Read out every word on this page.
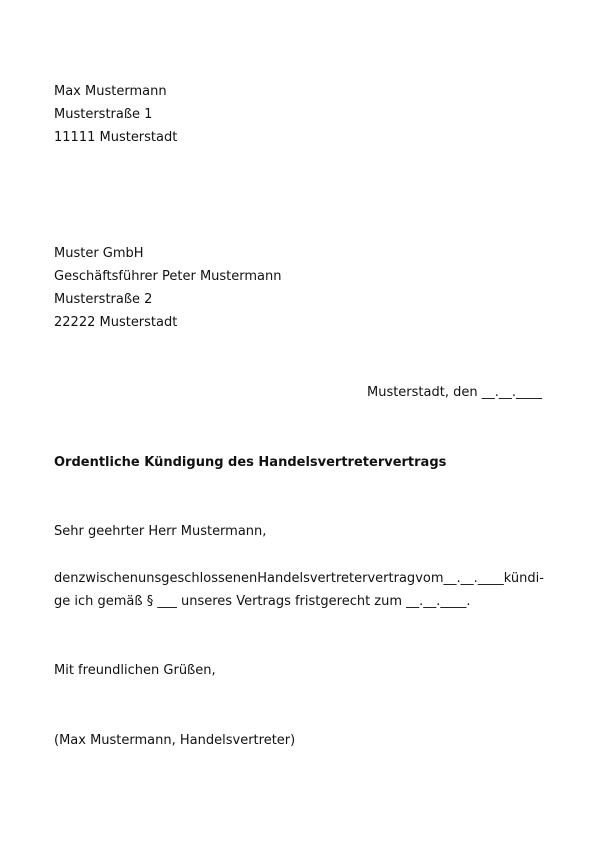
Max Mustermann
Musterstraße 1
11111 Musterstadt
Muster GmbH
Geschäftsführer Peter Mustermann
Musterstraße 2
22222 Musterstadt
Musterstadt, den __.__.____
Ordentliche Kündigung des Handelsvertretervertrags
Sehr geehrter Herr Mustermann,
den zwischen uns geschlossenen Handelsvertretervertrag vom __.__.____ kündi-
ge ich gemäß § ___ unseres Vertrags fristgerecht zum __.__.____.
Mit freundlichen Grüßen,
(Max Mustermann, Handelsvertreter)
